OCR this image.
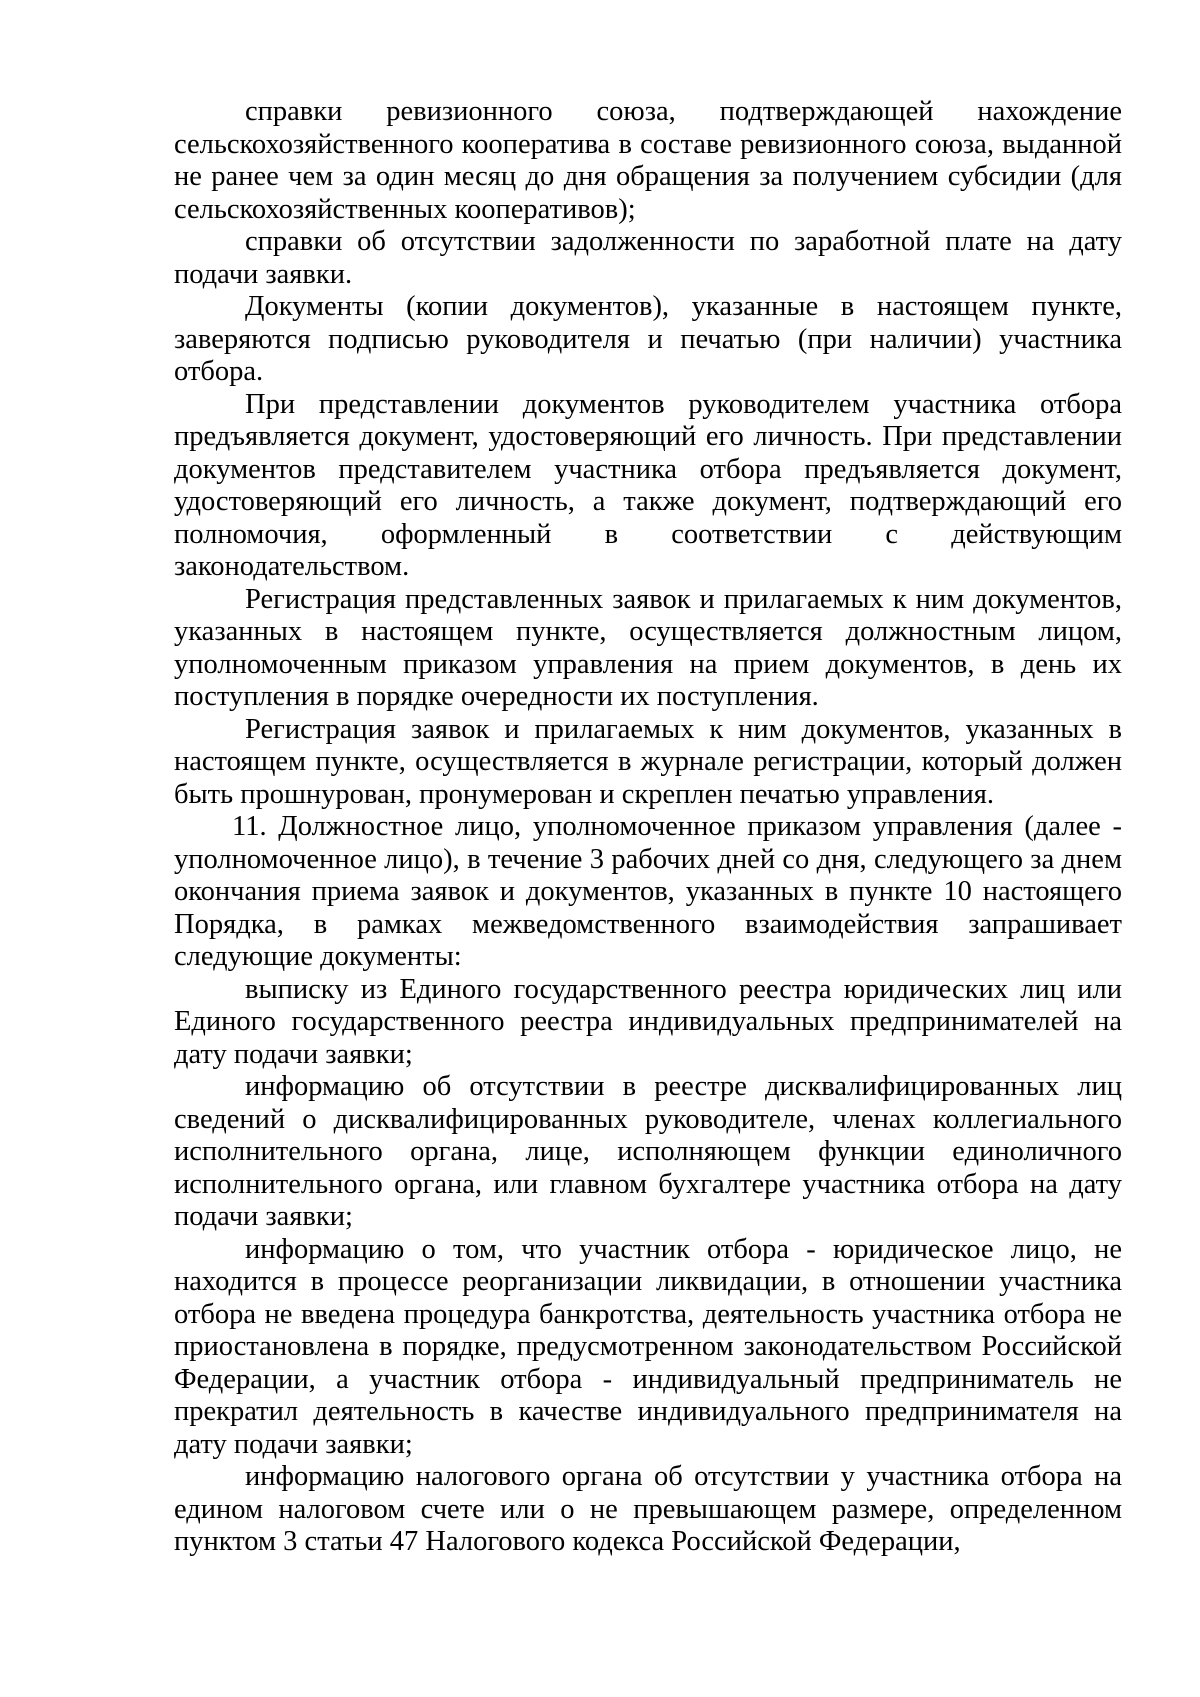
справки ревизионного союза, подтверждающей нахождение сельскохозяйственного кооператива в составе ревизионного союза, выданной не ранее чем за один месяц до дня обращения за получением субсидии (для сельскохозяйственных кооперативов);

справки об отсутствии задолженности по заработной плате на дату подачи заявки.

Документы (копии документов), указанные в настоящем пункте, заверяются подписью руководителя и печатью (при наличии) участника отбора.

При представлении документов руководителем участника отбора предъявляется документ, удостоверяющий его личность. При представлении документов представителем участника отбора предъявляется документ, удостоверяющий его личность, а также документ, подтверждающий его полномочия, оформленный в соответствии с действующим законодательством.

Регистрация представленных заявок и прилагаемых к ним документов, указанных в настоящем пункте, осуществляется должностным лицом, уполномоченным приказом управления на прием документов, в день их поступления в порядке очередности их поступления.

Регистрация заявок и прилагаемых к ним документов, указанных в настоящем пункте, осуществляется в журнале регистрации, который должен быть прошнурован, пронумерован и скреплен печатью управления.

11. Должностное лицо, уполномоченное приказом управления (далее - уполномоченное лицо), в течение 3 рабочих дней со дня, следующего за днем окончания приема заявок и документов, указанных в пункте 10 настоящего Порядка, в рамках межведомственного взаимодействия запрашивает следующие документы:

выписку из Единого государственного реестра юридических лиц или Единого государственного реестра индивидуальных предпринимателей на дату подачи заявки;

информацию об отсутствии в реестре дисквалифицированных лиц сведений о дисквалифицированных руководителе, членах коллегиального исполнительного органа, лице, исполняющем функции единоличного исполнительного органа, или главном бухгалтере участника отбора на дату подачи заявки;

информацию о том, что участник отбора - юридическое лицо, не находится в процессе реорганизации ликвидации, в отношении участника отбора не введена процедура банкротства, деятельность участника отбора не приостановлена в порядке, предусмотренном законодательством Российской Федерации, а участник отбора - индивидуальный предприниматель не прекратил деятельность в качестве индивидуального предпринимателя на дату подачи заявки;

информацию налогового органа об отсутствии у участника отбора на едином налоговом счете или о не превышающем размере, определенном пунктом 3 статьи 47 Налогового кодекса Российской Федерации,
